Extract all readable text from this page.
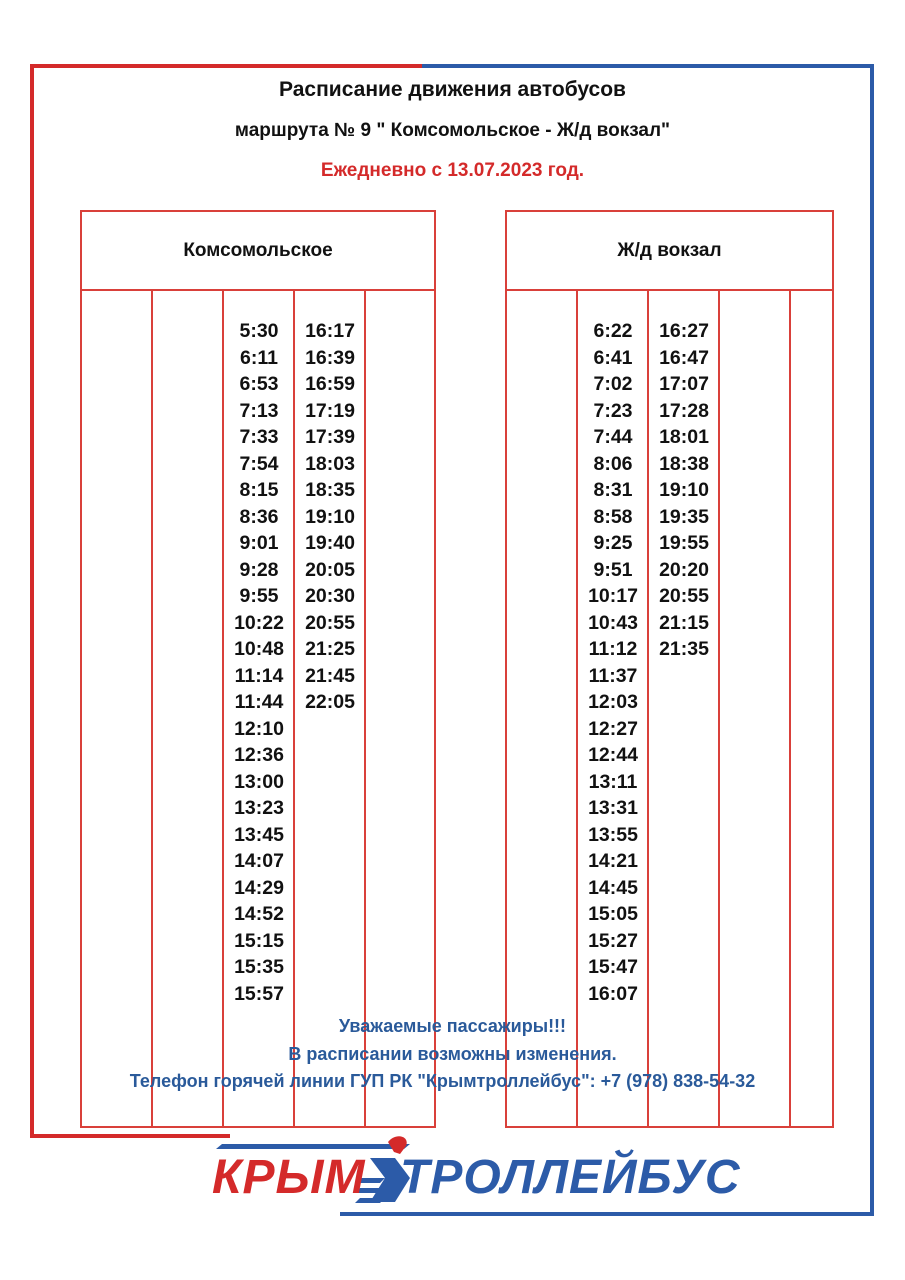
Расписание движения автобусов
маршрута № 9 " Комсомольское - Ж/д вокзал"
Ежедневно с 13.07.2023 год.
Комсомольское	Ж/д вокзал
5:30
6:11
6:53
7:13
7:33
7:54
8:15
8:36
9:01
9:28
9:55
10:22
10:48
11:14
11:44
12:10
12:36
13:00
13:23
13:45
14:07
14:29
14:52
15:15
15:35
15:57
16:17
16:39
16:59
17:19
17:39
18:03
18:35
19:10
19:40
20:05
20:30
20:55
21:25
21:45
22:05
6:22
6:41
7:02
7:23
7:44
8:06
8:31
8:58
9:25
9:51
10:17
10:43
11:12
11:37
12:03
12:27
12:44
13:11
13:31
13:55
14:21
14:45
15:05
15:27
15:47
16:07
16:27
16:47
17:07
17:28
18:01
18:38
19:10
19:35
19:55
20:20
20:55
21:15
21:35
Уважаемые пассажиры!!!
В расписании возможны изменения.
Телефон горячей линии ГУП РК "Крымтроллейбус": +7 (978) 838-54-32
КРЫМ ТРОЛЛЕЙБУС
